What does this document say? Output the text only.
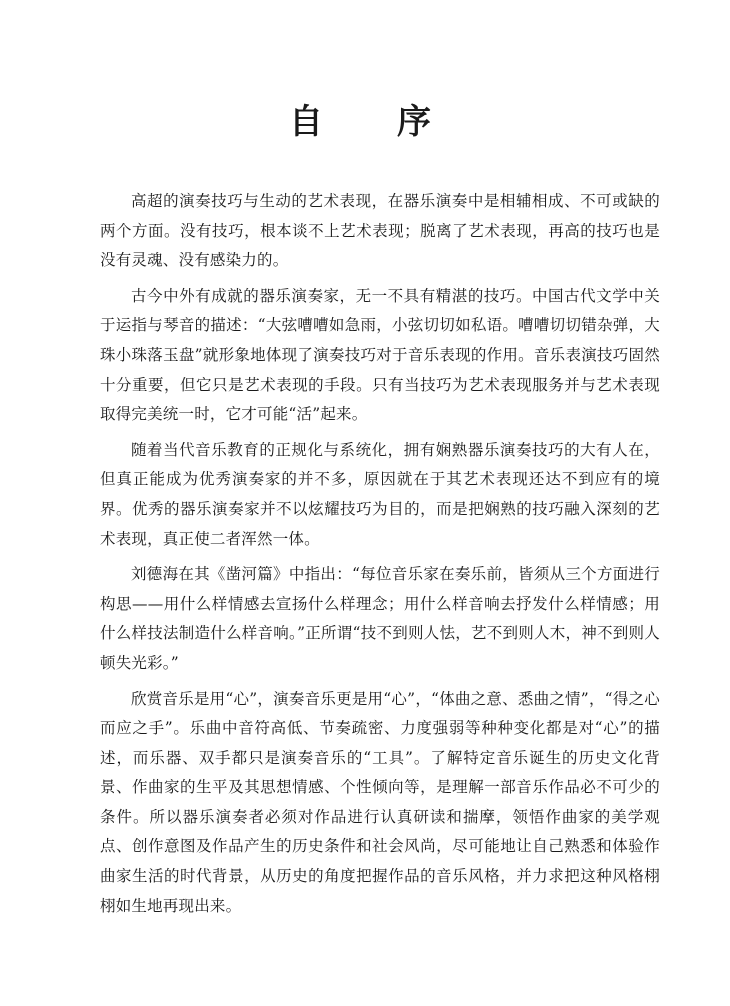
自　序

高超的演奏技巧与生动的艺术表现，在器乐演奏中是相辅相成、不可或缺的两个方面。没有技巧，根本谈不上艺术表现；脱离了艺术表现，再高的技巧也是没有灵魂、没有感染力的。

古今中外有成就的器乐演奏家，无一不具有精湛的技巧。中国古代文学中关于运指与琴音的描述：“大弦嘈嘈如急雨，小弦切切如私语。嘈嘈切切错杂弹，大珠小珠落玉盘”就形象地体现了演奏技巧对于音乐表现的作用。音乐表演技巧固然十分重要，但它只是艺术表现的手段。只有当技巧为艺术表现服务并与艺术表现取得完美统一时，它才可能“活”起来。

随着当代音乐教育的正规化与系统化，拥有娴熟器乐演奏技巧的大有人在，但真正能成为优秀演奏家的并不多，原因就在于其艺术表现还达不到应有的境界。优秀的器乐演奏家并不以炫耀技巧为目的，而是把娴熟的技巧融入深刻的艺术表现，真正使二者浑然一体。

刘德海在其《凿河篇》中指出：“每位音乐家在奏乐前，皆须从三个方面进行构思——用什么样情感去宣扬什么样理念；用什么样音响去抒发什么样情感；用什么样技法制造什么样音响。”正所谓“技不到则人怯，艺不到则人木，神不到则人顿失光彩。”

欣赏音乐是用“心”，演奏音乐更是用“心”，“体曲之意、悉曲之情”，“得之心而应之手”。乐曲中音符高低、节奏疏密、力度强弱等种种变化都是对“心”的描述，而乐器、双手都只是演奏音乐的“工具”。了解特定音乐诞生的历史文化背景、作曲家的生平及其思想情感、个性倾向等，是理解一部音乐作品必不可少的条件。所以器乐演奏者必须对作品进行认真研读和揣摩，领悟作曲家的美学观点、创作意图及作品产生的历史条件和社会风尚，尽可能地让自己熟悉和体验作曲家生活的时代背景，从历史的角度把握作品的音乐风格，并力求把这种风格栩栩如生地再现出来。
